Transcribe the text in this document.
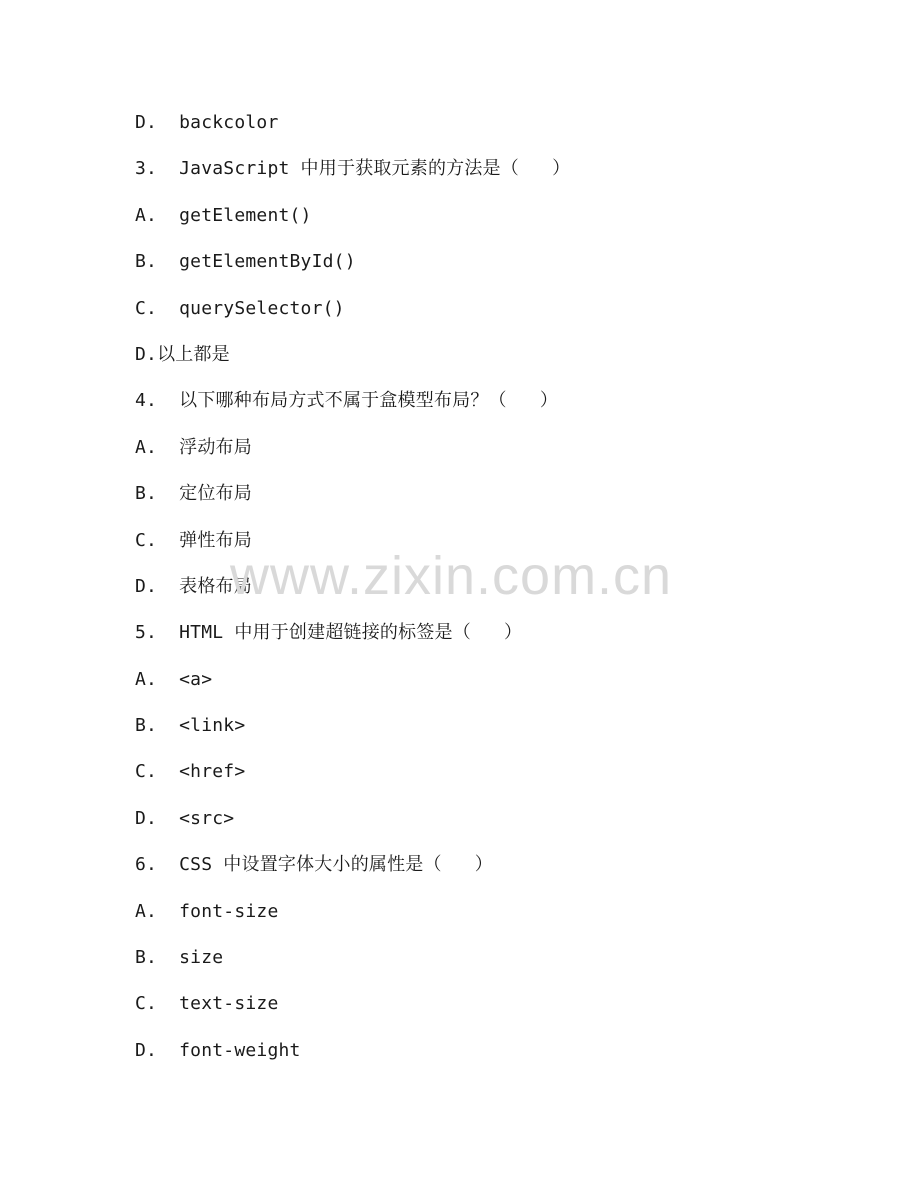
D.  backcolor
3.  JavaScript 中用于获取元素的方法是（   ）
A.  getElement()
B.  getElementById()
C.  querySelector()
D.以上都是
4.  以下哪种布局方式不属于盒模型布局？（   ）
A.  浮动布局
B.  定位布局
C.  弹性布局
D.  表格布局
5.  HTML 中用于创建超链接的标签是（   ）
A.  <a>
B.  <link>
C.  <href>
D.  <src>
6.  CSS 中设置字体大小的属性是（   ）
A.  font-size
B.  size
C.  text-size
D.  font-weight
www.zixin.com.cn
